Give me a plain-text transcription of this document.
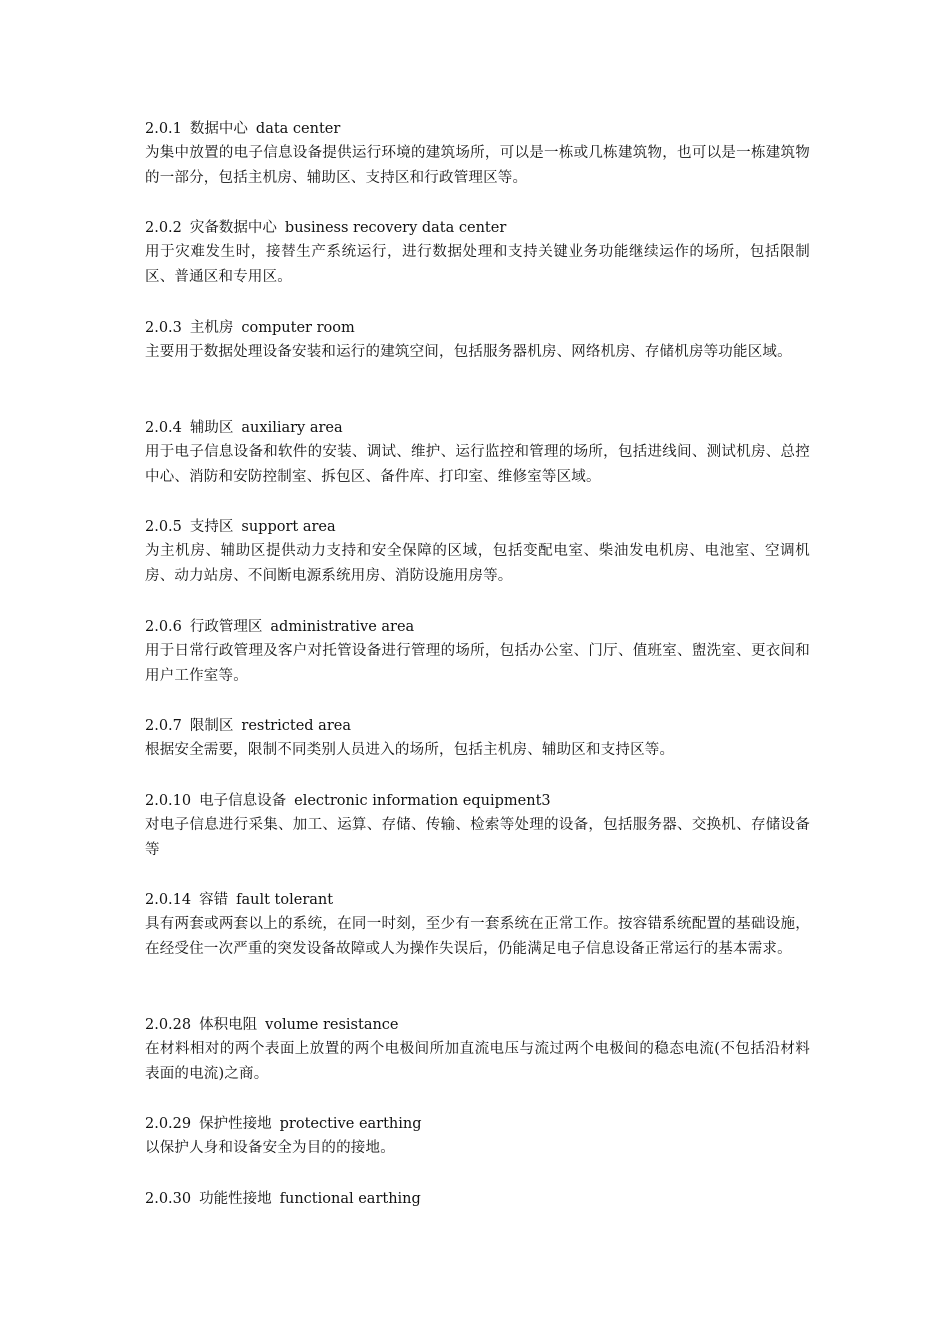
2.0.1 数据中心 data center
为集中放置的电子信息设备提供运行环境的建筑场所，可以是一栋或几栋建筑物，也可以是一栋建筑物的一部分，包括主机房、辅助区、支持区和行政管理区等。
2.0.2 灾备数据中心 business recovery data center
用于灾难发生时，接替生产系统运行，进行数据处理和支持关键业务功能继续运作的场所，包括限制区、普通区和专用区。
2.0.3 主机房 computer room
主要用于数据处理设备安装和运行的建筑空间，包括服务器机房、网络机房、存储机房等功能区域。
2.0.4 辅助区 auxiliary area
用于电子信息设备和软件的安装、调试、维护、运行监控和管理的场所，包括进线间、测试机房、总控中心、消防和安防控制室、拆包区、备件库、打印室、维修室等区域。
2.0.5 支持区 support area
为主机房、辅助区提供动力支持和安全保障的区域，包括变配电室、柴油发电机房、电池室、空调机房、动力站房、不间断电源系统用房、消防设施用房等。
2.0.6 行政管理区 administrative area
用于日常行政管理及客户对托管设备进行管理的场所，包括办公室、门厅、值班室、盥洗室、更衣间和用户工作室等。
2.0.7 限制区 restricted area
根据安全需要，限制不同类别人员进入的场所，包括主机房、辅助区和支持区等。
2.0.10 电子信息设备 electronic information equipment3
对电子信息进行采集、加工、运算、存储、传输、检索等处理的设备，包括服务器、交换机、存储设备等
2.0.14 容错 fault tolerant
具有两套或两套以上的系统，在同一时刻，至少有一套系统在正常工作。按容错系统配置的基础设施，在经受住一次严重的突发设备故障或人为操作失误后，仍能满足电子信息设备正常运行的基本需求。
2.0.28 体积电阻 volume resistance
在材料相对的两个表面上放置的两个电极间所加直流电压与流过两个电极间的稳态电流(不包括沿材料表面的电流)之商。
2.0.29 保护性接地 protective earthing
以保护人身和设备安全为目的的接地。
2.0.30 功能性接地 functional earthing
